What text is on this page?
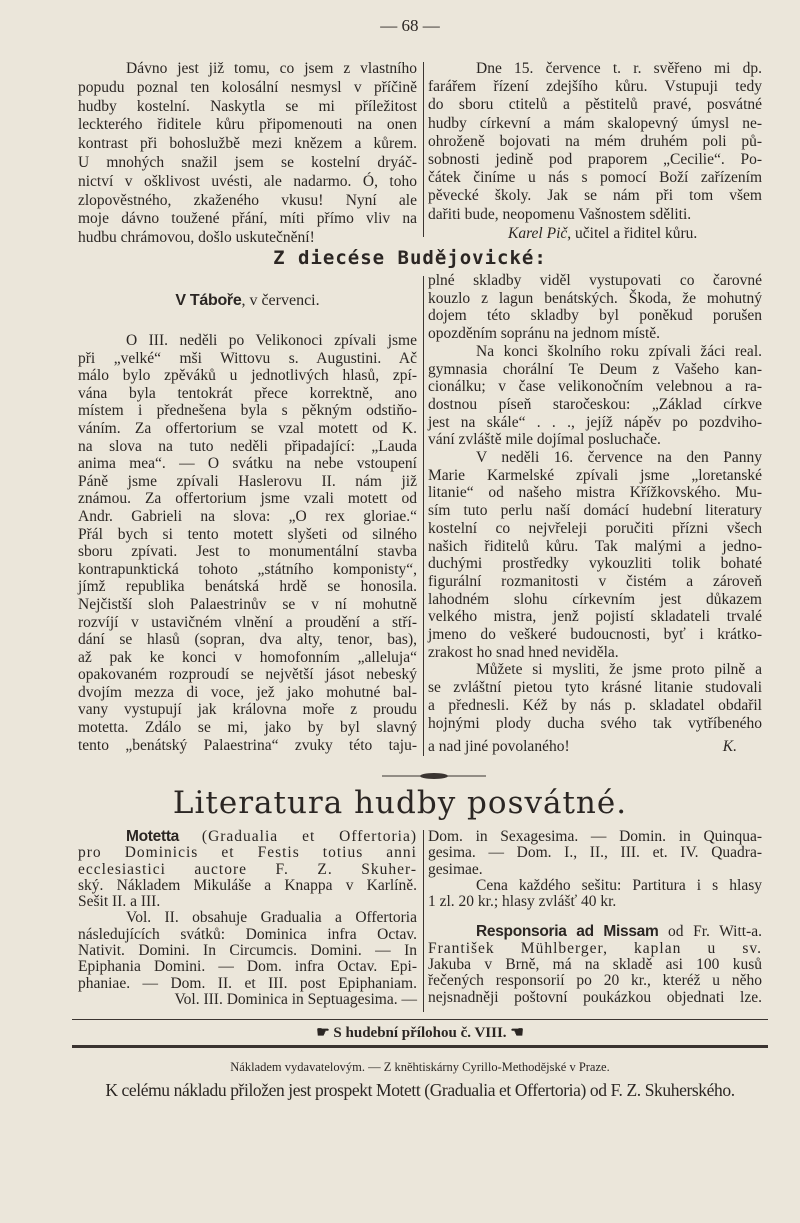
— 68 —
Dávno jest již tomu, co jsem z vlastního
popudu poznal ten kolosální nesmysl v příčině
hudby kostelní. Naskytla se mi příležitost
leckterého řiditele kůru připomenouti na onen
kontrast při bohoslužbě mezi knězem a kůrem.
U mnohých snažil jsem se kostelní dryáč-
nictví v ošklivost uvésti, ale nadarmo. Ó, toho
zlopověstného, zkaženého vkusu! Nyní ale
moje dávno toužené přání, míti přímo vliv na
hudbu chrámovou, došlo uskutečnění!
Dne 15. července t. r. svěřeno mi dp.
farářem řízení zdejšího kůru. Vstupuji tedy
do sboru ctitelů a pěstitelů pravé, posvátné
hudby církevní a mám skalopevný úmysl ne-
ohroženě bojovati na mém druhém poli pů-
sobnosti jedině pod praporem „Cecilie“. Po-
čátek činíme u nás s pomocí Boží zařízením
pěvecké školy. Jak se nám při tom všem
dařiti bude, neopomenu Vašnostem sděliti.
Karel Pič, učitel a řiditel kůru.
Z diecése Budějovické:
V Táboře, v červenci.
O III. neděli po Velikonoci zpívali jsme
při „velké“ mši Wittovu s. Augustini. Ač
málo bylo zpěváků u jednotlivých hlasů, zpí-
vána byla tentokrát přece korrektně, ano
místem i přednešena byla s pěkným odstiňo-
váním. Za offertorium se vzal motett od K.
na slova na tuto neděli připadající: „Lauda
anima mea“. — O svátku na nebe vstoupení
Páně jsme zpívali Haslerovu II. nám již
známou. Za offertorium jsme vzali motett od
Andr. Gabrieli na slova: „O rex gloriae.“
Přál bych si tento motett slyšeti od silného
sboru zpívati. Jest to monumentální stavba
kontrapunktická tohoto „státního komponisty“,
jímž republika benátská hrdě se honosila.
Nejčistší sloh Palaestrinův se v ní mohutně
rozvíjí v ustavičném vlnění a proudění a stří-
dání se hlasů (sopran, dva alty, tenor, bas),
až pak ke konci v homofonním „alleluja“
opakovaném rozproudí se největší jásot nebeský
dvojím mezza di voce, jež jako mohutné bal-
vany vystupují jak královna moře z proudu
motetta. Zdálo se mi, jako by byl slavný
tento „benátský Palaestrina“ zvuky této taju-
plné skladby viděl vystupovati co čarovné
kouzlo z lagun benátských. Škoda, že mohutný
dojem této skladby byl poněkud porušen
opozděním sopránu na jednom místě.
Na konci školního roku zpívali žáci real.
gymnasia chorální Te Deum z Vašeho kan-
cionálku; v čase velikonočním velebnou a ra-
dostnou píseň staročeskou: „Základ církve
jest na skále“ . . ., jejíž nápěv po pozdviho-
vání zvláště mile dojímal posluchače.
V neděli 16. července na den Panny
Marie Karmelské zpívali jsme „loretanské
litanie“ od našeho mistra Křížkovského. Mu-
sím tuto perlu naší domácí hudební literatury
kostelní co nejvřeleji poručiti přízni všech
našich řiditelů kůru. Tak malými a jedno-
duchými prostředky vykouzliti tolik bohaté
figurální rozmanitosti v čistém a zároveň
lahodném slohu církevním jest důkazem
velkého mistra, jenž pojistí skladateli trvalé
jmeno do veškeré budoucnosti, byť i krátko-
zrakost ho snad hned neviděla.
Můžete si mysliti, že jsme proto pilně a
se zvláštní pietou tyto krásné litanie studovali
a přednesli. Kéž by nás p. skladatel obdařil
hojnými plody ducha svého tak vytříbeného
a nad jiné povolaného!	K.
Literatura hudby posvátné.
Motetta (Gradualia et Offertoria)
pro Dominicis et Festis totius anni
ecclesiastici auctore F. Z. Skuher-
ský. Nákladem Mikuláše a Knappa v Karlíně.
Sešit II. a III.
Vol. II. obsahuje Gradualia a Offertoria
následujících svátků: Dominica infra Octav.
Nativit. Domini. In Circumcis. Domini. — In
Epiphania Domini. — Dom. infra Octav. Epi-
phaniae. — Dom. II. et III. post Epiphaniam.
Vol. III. Dominica in Septuagesima. —
Dom. in Sexagesima. — Domin. in Quinqua-
gesima. — Dom. I., II., III. et. IV. Quadra-
gesimae.
Cena každého sešitu: Partitura i s hlasy
1 zl. 20 kr.; hlasy zvlášť 40 kr.
Responsoria ad Missam od Fr. Witt-a.
František Mühlberger, kaplan u sv.
Jakuba v Brně, má na skladě asi 100 kusů
řečených responsorií po 20 kr., kteréž u něho
nejsnadněji poštovní poukázkou objednati lze.
☛ S hudební přílohou č. VIII. ☚
Nákladem vydavatelovým. — Z knĕhtiskárny Cyrillo-Methodějské v Praze.
K celému nákladu přiložen jest prospekt Motett (Gradualia et Offertoria) od F. Z. Skuherského.
